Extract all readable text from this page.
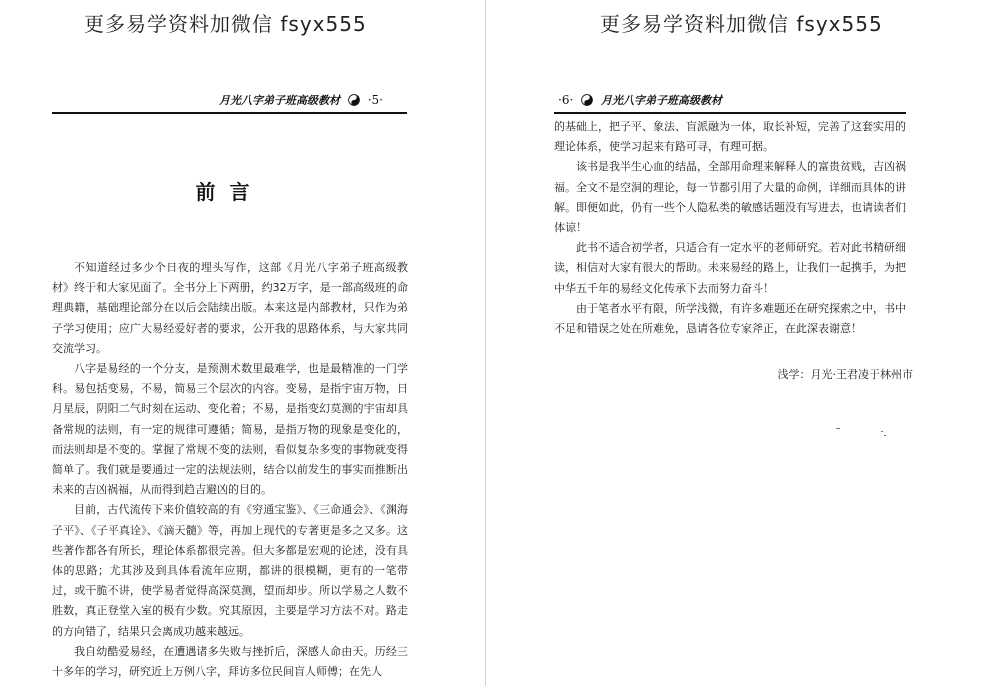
更多易学资料加微信 fsyx555
月光八字弟子班高级教材 ·5·
前言

不知道经过多少个日夜的埋头写作，这部《月光八字弟子班高级教材》终于和大家见面了。全书分上下两册，约32万字，是一部高级班的命理典籍，基础理论部分在以后会陆续出版。本来这是内部教材，只作为弟子学习使用；应广大易经爱好者的要求，公开我的思路体系，与大家共同交流学习。

八字是易经的一个分支，是预测术数里最难学，也是最精准的一门学科。易包括变易，不易，简易三个层次的内容。变易，是指宇宙万物，日月星辰，阴阳二气时刻在运动、变化着；不易，是指变幻莫测的宇宙却具备常规的法则，有一定的规律可遵循；简易，是指万物的现象是变化的，而法则却是不变的。掌握了常规不变的法则，看似复杂多变的事物就变得简单了。我们就是要通过一定的法规法则，结合以前发生的事实而推断出未来的吉凶祸福，从而得到趋吉避凶的目的。

目前，古代流传下来价值较高的有《穷通宝鉴》、《三命通会》、《渊海子平》、《子平真诠》、《滴天髓》等，再加上现代的专著更是多之又多。这些著作都各有所长，理论体系都很完善。但大多都是宏观的论述，没有具体的思路；尤其涉及到具体看流年应期，都讲的很模糊，更有的一笔带过，或干脆不讲，使学易者觉得高深莫测，望而却步。所以学易之人数不胜数，真正登堂入室的极有少数。究其原因，主要是学习方法不对。路走的方向错了，结果只会离成功越来越远。

我自幼酷爱易经，在遭遇诸多失败与挫折后，深感人命由天。历经三十多年的学习，研究近上万例八字，拜访多位民间盲人师傅；在先人

更多易学资料加微信 fsyx555
·6·	月光八字弟子班高级教材

的基础上，把子平、象法、盲派融为一体，取长补短，完善了这套实用的理论体系，使学习起来有路可寻，有理可据。

该书是我半生心血的结晶，全部用命理来解释人的富贵贫贱，吉凶祸福。全文不是空洞的理论，每一节都引用了大量的命例，详细而具体的讲解。即便如此，仍有一些个人隐私类的敏感话题没有写进去，也请读者们体谅！

此书不适合初学者，只适合有一定水平的老师研究。若对此书精研细读，相信对大家有很大的帮助。未来易经的路上，让我们一起携手，为把中华五千年的易经文化传承下去而努力奋斗！

由于笔者水平有限，所学浅微，有许多难题还在研究探索之中，书中不足和错误之处在所难免，恳请各位专家斧正，在此深表谢意！

浅学：月光·王君凌于林州市
